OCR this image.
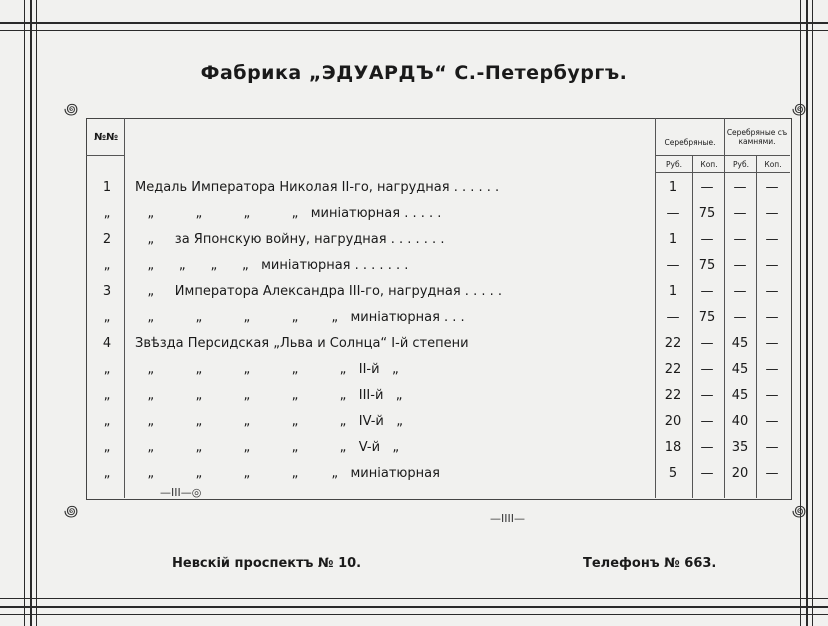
Фабрика „ЭДУАРДЪ“ С.-Петербургъ.
꩜	꩜
꩜	꩜
—III—◎
—IIII—
№№	Серебряные.
Серебряные съ камнями.
Руб.	Коп.	Руб.	Коп.
1	Медаль Императора Николая II-го, нагрудная . . . . . .	1	—	—	—
„	„          „          „          „   миніатюрная . . . . .	—	75	—	—
2	„     за Японскую войну, нагрудная . . . . . . .	1	—	—	—
„	„      „      „      „   миніатюрная . . . . . . .	—	75	—	—
3	„     Императора Александра III-го, нагрудная . . . . .	1	—	—	—
„	„          „          „          „        „   миніатюрная . . .	—	75	—	—
4	Звѣзда Персидская „Льва и Солнца“ I-й степени	22	—	45	—
„	„          „          „          „          „   II-й   „	22	—	45	—
„	„          „          „          „          „   III-й   „	22	—	45	—
„	„          „          „          „          „   IV-й   „	20	—	40	—
„	„          „          „          „          „   V-й   „	18	—	35	—
„	„          „          „          „        „   миніатюрная	5	—	20	—
Невскій проспектъ № 10.	Телефонъ № 663.
